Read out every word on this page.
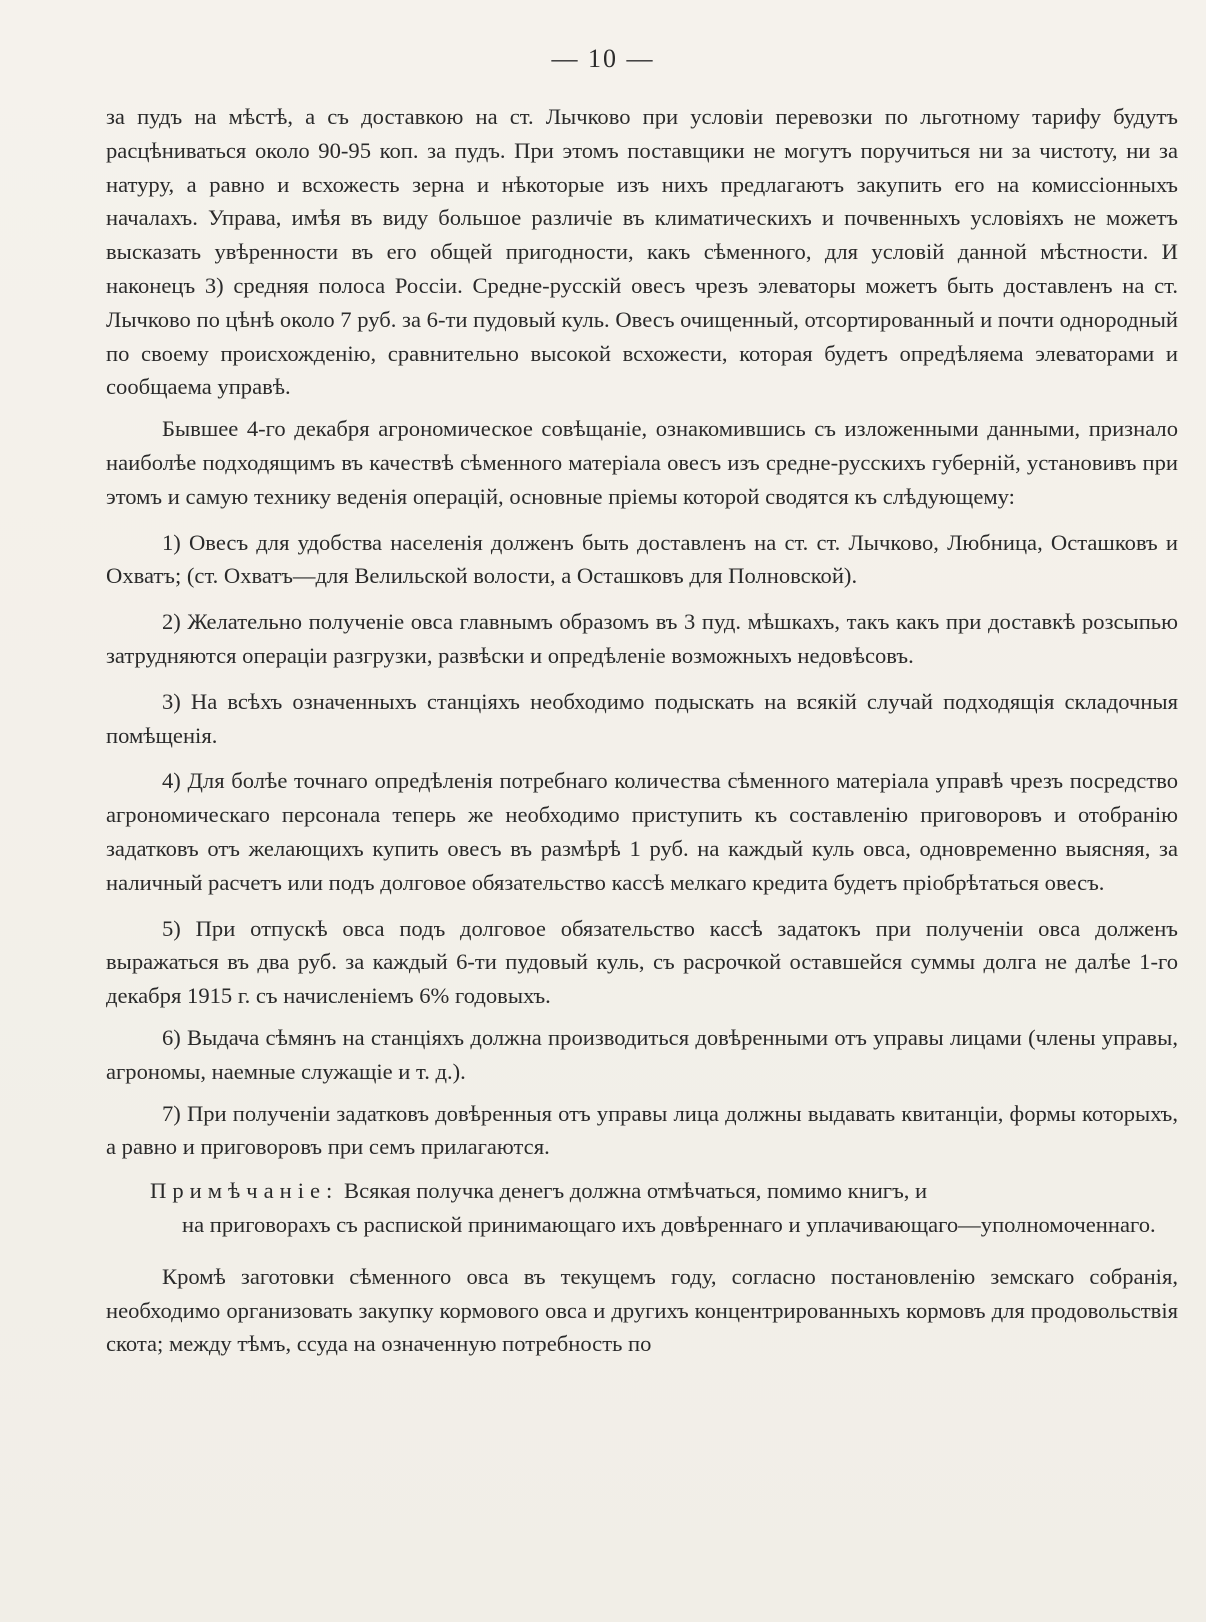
— 10 —

за пудъ на мѣстѣ, а съ доставкою на ст. Лычково при условіи перевозки по льготному тарифу будутъ расцѣниваться около 90-95 коп. за пудъ. При этомъ поставщики не могутъ поручиться ни за чистоту, ни за натуру, а равно и всхожесть зерна и нѣкоторые изъ нихъ предлагаютъ закупить его на комиссіонныхъ началахъ. Управа, имѣя въ виду большое различіе въ климатическихъ и почвенныхъ условіяхъ не можетъ высказать увѣренности въ его общей пригодности, какъ сѣменного, для условій данной мѣстности. И наконецъ 3) средняя полоса Россіи. Средне-русскій овесъ чрезъ элеваторы можетъ быть доставленъ на ст. Лычково по цѣнѣ около 7 руб. за 6-ти пудовый куль. Овесъ очищенный, отсортированный и почти однородный по своему происхожденію, сравнительно высокой всхожести, которая будетъ опредѣляема элеваторами и сообщаема управѣ.

Бывшее 4-го декабря агрономическое совѣщаніе, ознакомившись съ изложенными данными, признало наиболѣе подходящимъ въ качествѣ сѣменного матеріала овесъ изъ средне-русскихъ губерній, установивъ при этомъ и самую технику веденія операцій, основные пріемы которой сводятся къ слѣдующему:

1) Овесъ для удобства населенія долженъ быть доставленъ на ст. ст. Лычково, Любница, Осташковъ и Охватъ; (ст. Охватъ—для Велильской волости, а Осташковъ для Полновской).

2) Желательно полученіе овса главнымъ образомъ въ 3 пуд. мѣшкахъ, такъ какъ при доставкѣ розсыпью затрудняются операціи разгрузки, развѣски и опредѣленіе возможныхъ недовѣсовъ.

3) На всѣхъ означенныхъ станціяхъ необходимо подыскать на всякій случай подходящія складочныя помѣщенія.

4) Для болѣе точнаго опредѣленія потребнаго количества сѣменного матеріала управѣ чрезъ посредство агрономическаго персонала теперь же необходимо приступить къ составленію приговоровъ и отобранію задатковъ отъ желающихъ купить овесъ въ размѣрѣ 1 руб. на каждый куль овса, одновременно выясняя, за наличный расчетъ или подъ долговое обязательство кассѣ мелкаго кредита будетъ пріобрѣтаться овесъ.

5) При отпускѣ овса подъ долговое обязательство кассѣ задатокъ при полученіи овса долженъ выражаться въ два руб. за каждый 6-ти пудовый куль, съ расрочкой оставшейся суммы долга не далѣе 1-го декабря 1915 г. съ начисленіемъ 6% годовыхъ.

6) Выдача сѣмянъ на станціяхъ должна производиться довѣренными отъ управы лицами (члены управы, агрономы, наемные служащіе и т. д.).

7) При полученіи задатковъ довѣренныя отъ управы лица должны выдавать квитанціи, формы которыхъ, а равно и приговоровъ при семъ прилагаются.

Примѣчаніе: Всякая получка денегъ должна отмѣчаться, помимо книгъ, и

на приговорахъ съ распиской принимающаго ихъ довѣреннаго и уплачивающаго—уполномоченнаго.

Кромѣ заготовки сѣменного овса въ текущемъ году, согласно постановленію земскаго собранія, необходимо организовать закупку кормового овса и другихъ концентрированныхъ кормовъ для продовольствія скота; между тѣмъ, ссуда на означенную потребность по
